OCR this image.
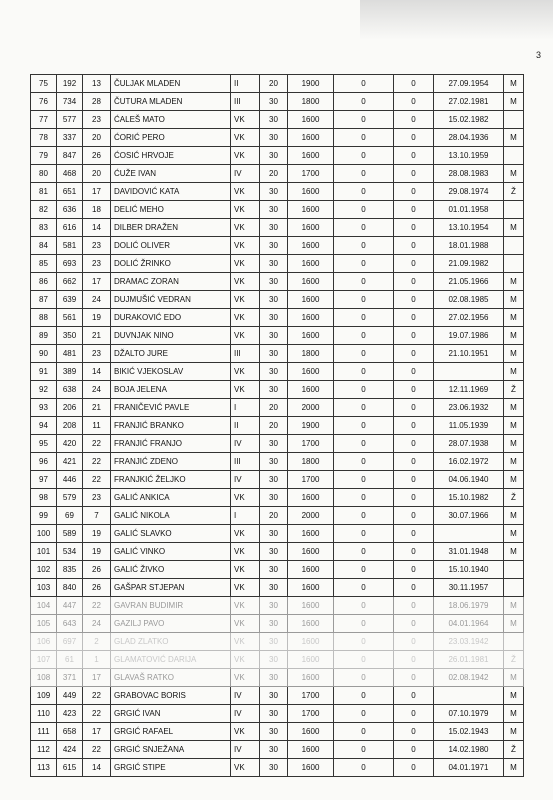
3
75	192	13	ČULJAK MLADEN	II	20	1900	0	0	27.09.1954	M
76	734	28	ČUTURA MLADEN	III	30	1800	0	0	27.02.1981	M
77	577	23	ĆALEŠ MATO	VK	30	1600	0	0	15.02.1982	
78	337	20	ĆORIĆ PERO	VK	30	1600	0	0	28.04.1936	M
79	847	26	ĆOSIĆ HRVOJE	VK	30	1600	0	0	13.10.1959	
80	468	20	ĆUŽE IVAN	IV	20	1700	0	0	28.08.1983	M
81	651	17	DAVIDOVIĆ KATA	VK	30	1600	0	0	29.08.1974	Ž
82	636	18	DELIĆ MEHO	VK	30	1600	0	0	01.01.1958	
83	616	14	DILBER DRAŽEN	VK	30	1600	0	0	13.10.1954	M
84	581	23	DOLIĆ OLIVER	VK	30	1600	0	0	18.01.1988	
85	693	23	DOLIĆ ŽRINKO	VK	30	1600	0	0	21.09.1982	
86	662	17	DRAMAC ZORAN	VK	30	1600	0	0	21.05.1966	M
87	639	24	DUJMUŠIĆ VEDRAN	VK	30	1600	0	0	02.08.1985	M
88	561	19	DURAKOVIĆ EDO	VK	30	1600	0	0	27.02.1956	M
89	350	21	DUVNJAK NINO	VK	30	1600	0	0	19.07.1986	M
90	481	23	DŽALTO JURE	III	30	1800	0	0	21.10.1951	M
91	389	14	BIKIĆ VJEKOSLAV	VK	30	1600	0	0		M
92	638	24	BOJA JELENA	VK	30	1600	0	0	12.11.1969	Ž
93	206	21	FRANIČEVIĆ PAVLE	I	20	2000	0	0	23.06.1932	M
94	208	11	FRANJIĆ BRANKO	II	20	1900	0	0	11.05.1939	M
95	420	22	FRANJIĆ FRANJO	IV	30	1700	0	0	28.07.1938	M
96	421	22	FRANJIĆ ZDENO	III	30	1800	0	0	16.02.1972	M
97	446	22	FRANJKIĆ ŽELJKO	IV	30	1700	0	0	04.06.1940	M
98	579	23	GALIĆ ANKICA	VK	30	1600	0	0	15.10.1982	Ž
99	69	7	GALIĆ NIKOLA	I	20	2000	0	0	30.07.1966	M
100	589	19	GALIĆ SLAVKO	VK	30	1600	0	0		M
101	534	19	GALIĆ VINKO	VK	30	1600	0	0	31.01.1948	M
102	835	26	GALIĆ ŽIVKO	VK	30	1600	0	0	15.10.1940	
103	840	26	GAŠPAR STJEPAN	VK	30	1600	0	0	30.11.1957	
104	447	22	GAVRAN BUDIMIR	VK	30	1600	0	0	18.06.1979	M
105	643	24	GAZILJ PAVO	VK	30	1600	0	0	04.01.1964	M
106	697	2	GLAD ZLATKO	VK	30	1600	0	0	23.03.1942	
107	61	1	GLAMATOVIĆ DARIJA	VK	30	1600	0	0	26.01.1981	Ž
108	371	17	GLAVAŠ RATKO	VK	30	1600	0	0	02.08.1942	M
109	449	22	GRABOVAC BORIS	IV	30	1700	0	0		M
110	423	22	GRGIĆ IVAN	IV	30	1700	0	0	07.10.1979	M
111	658	17	GRGIĆ RAFAEL	VK	30	1600	0	0	15.02.1943	M
112	424	22	GRGIĆ SNJEŽANA	IV	30	1600	0	0	14.02.1980	Ž
113	615	14	GRGIĆ STIPE	VK	30	1600	0	0	04.01.1971	M
